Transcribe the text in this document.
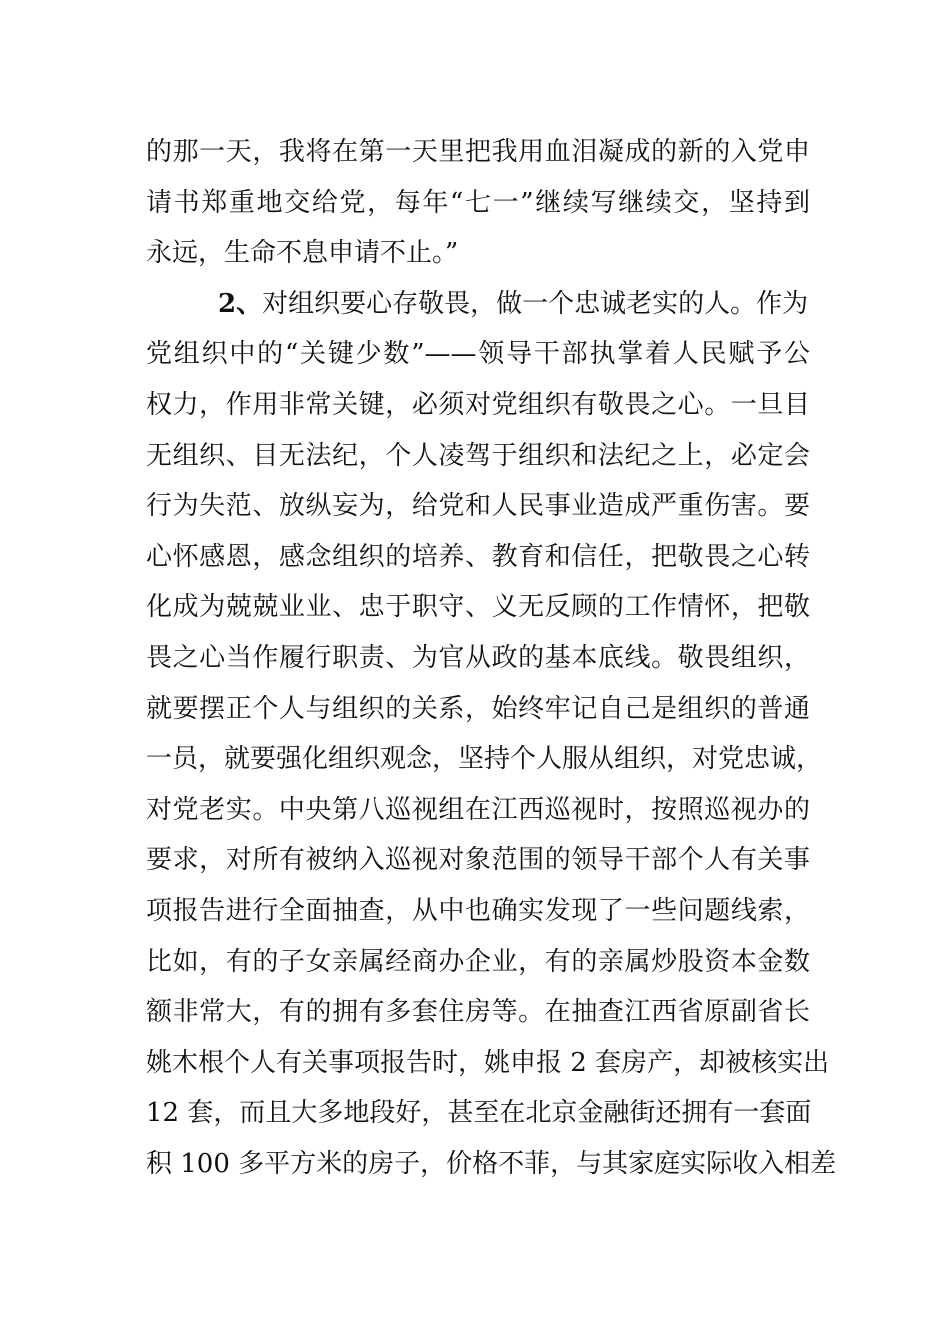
的那一天，我将在第一天里把我用血泪凝成的新的入党申
请书郑重地交给党，每年“七一”继续写继续交，坚持到
永远，生命不息申请不止。”
2、对组织要心存敬畏，做一个忠诚老实的人。作为
党组织中的“关键少数”——领导干部执掌着人民赋予公
权力，作用非常关键，必须对党组织有敬畏之心。一旦目
无组织、目无法纪，个人凌驾于组织和法纪之上，必定会
行为失范、放纵妄为，给党和人民事业造成严重伤害。要
心怀感恩，感念组织的培养、教育和信任，把敬畏之心转
化成为兢兢业业、忠于职守、义无反顾的工作情怀，把敬
畏之心当作履行职责、为官从政的基本底线。敬畏组织，
就要摆正个人与组织的关系，始终牢记自己是组织的普通
一员，就要强化组织观念，坚持个人服从组织，对党忠诚，
对党老实。中央第八巡视组在江西巡视时，按照巡视办的
要求，对所有被纳入巡视对象范围的领导干部个人有关事
项报告进行全面抽查，从中也确实发现了一些问题线索，
比如，有的子女亲属经商办企业，有的亲属炒股资本金数
额非常大，有的拥有多套住房等。在抽查江西省原副省长
姚木根个人有关事项报告时，姚申报 2 套房产，却被核实出
12 套，而且大多地段好，甚至在北京金融街还拥有一套面
积 100 多平方米的房子，价格不菲，与其家庭实际收入相差
